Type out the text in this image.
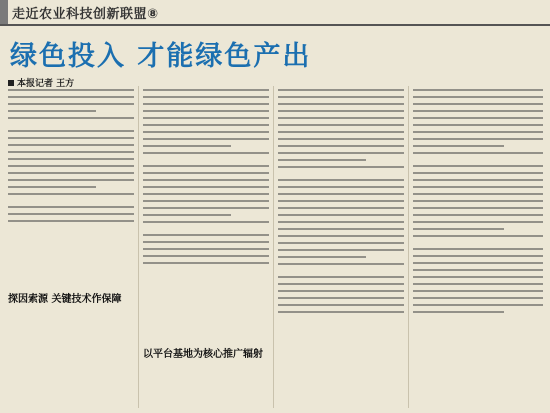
走近农业科技创新联盟⑧
绿色投入 才能绿色产出
本报记者 王方
探因索源 关键技术作保障
以平台基地为核心推广辐射
